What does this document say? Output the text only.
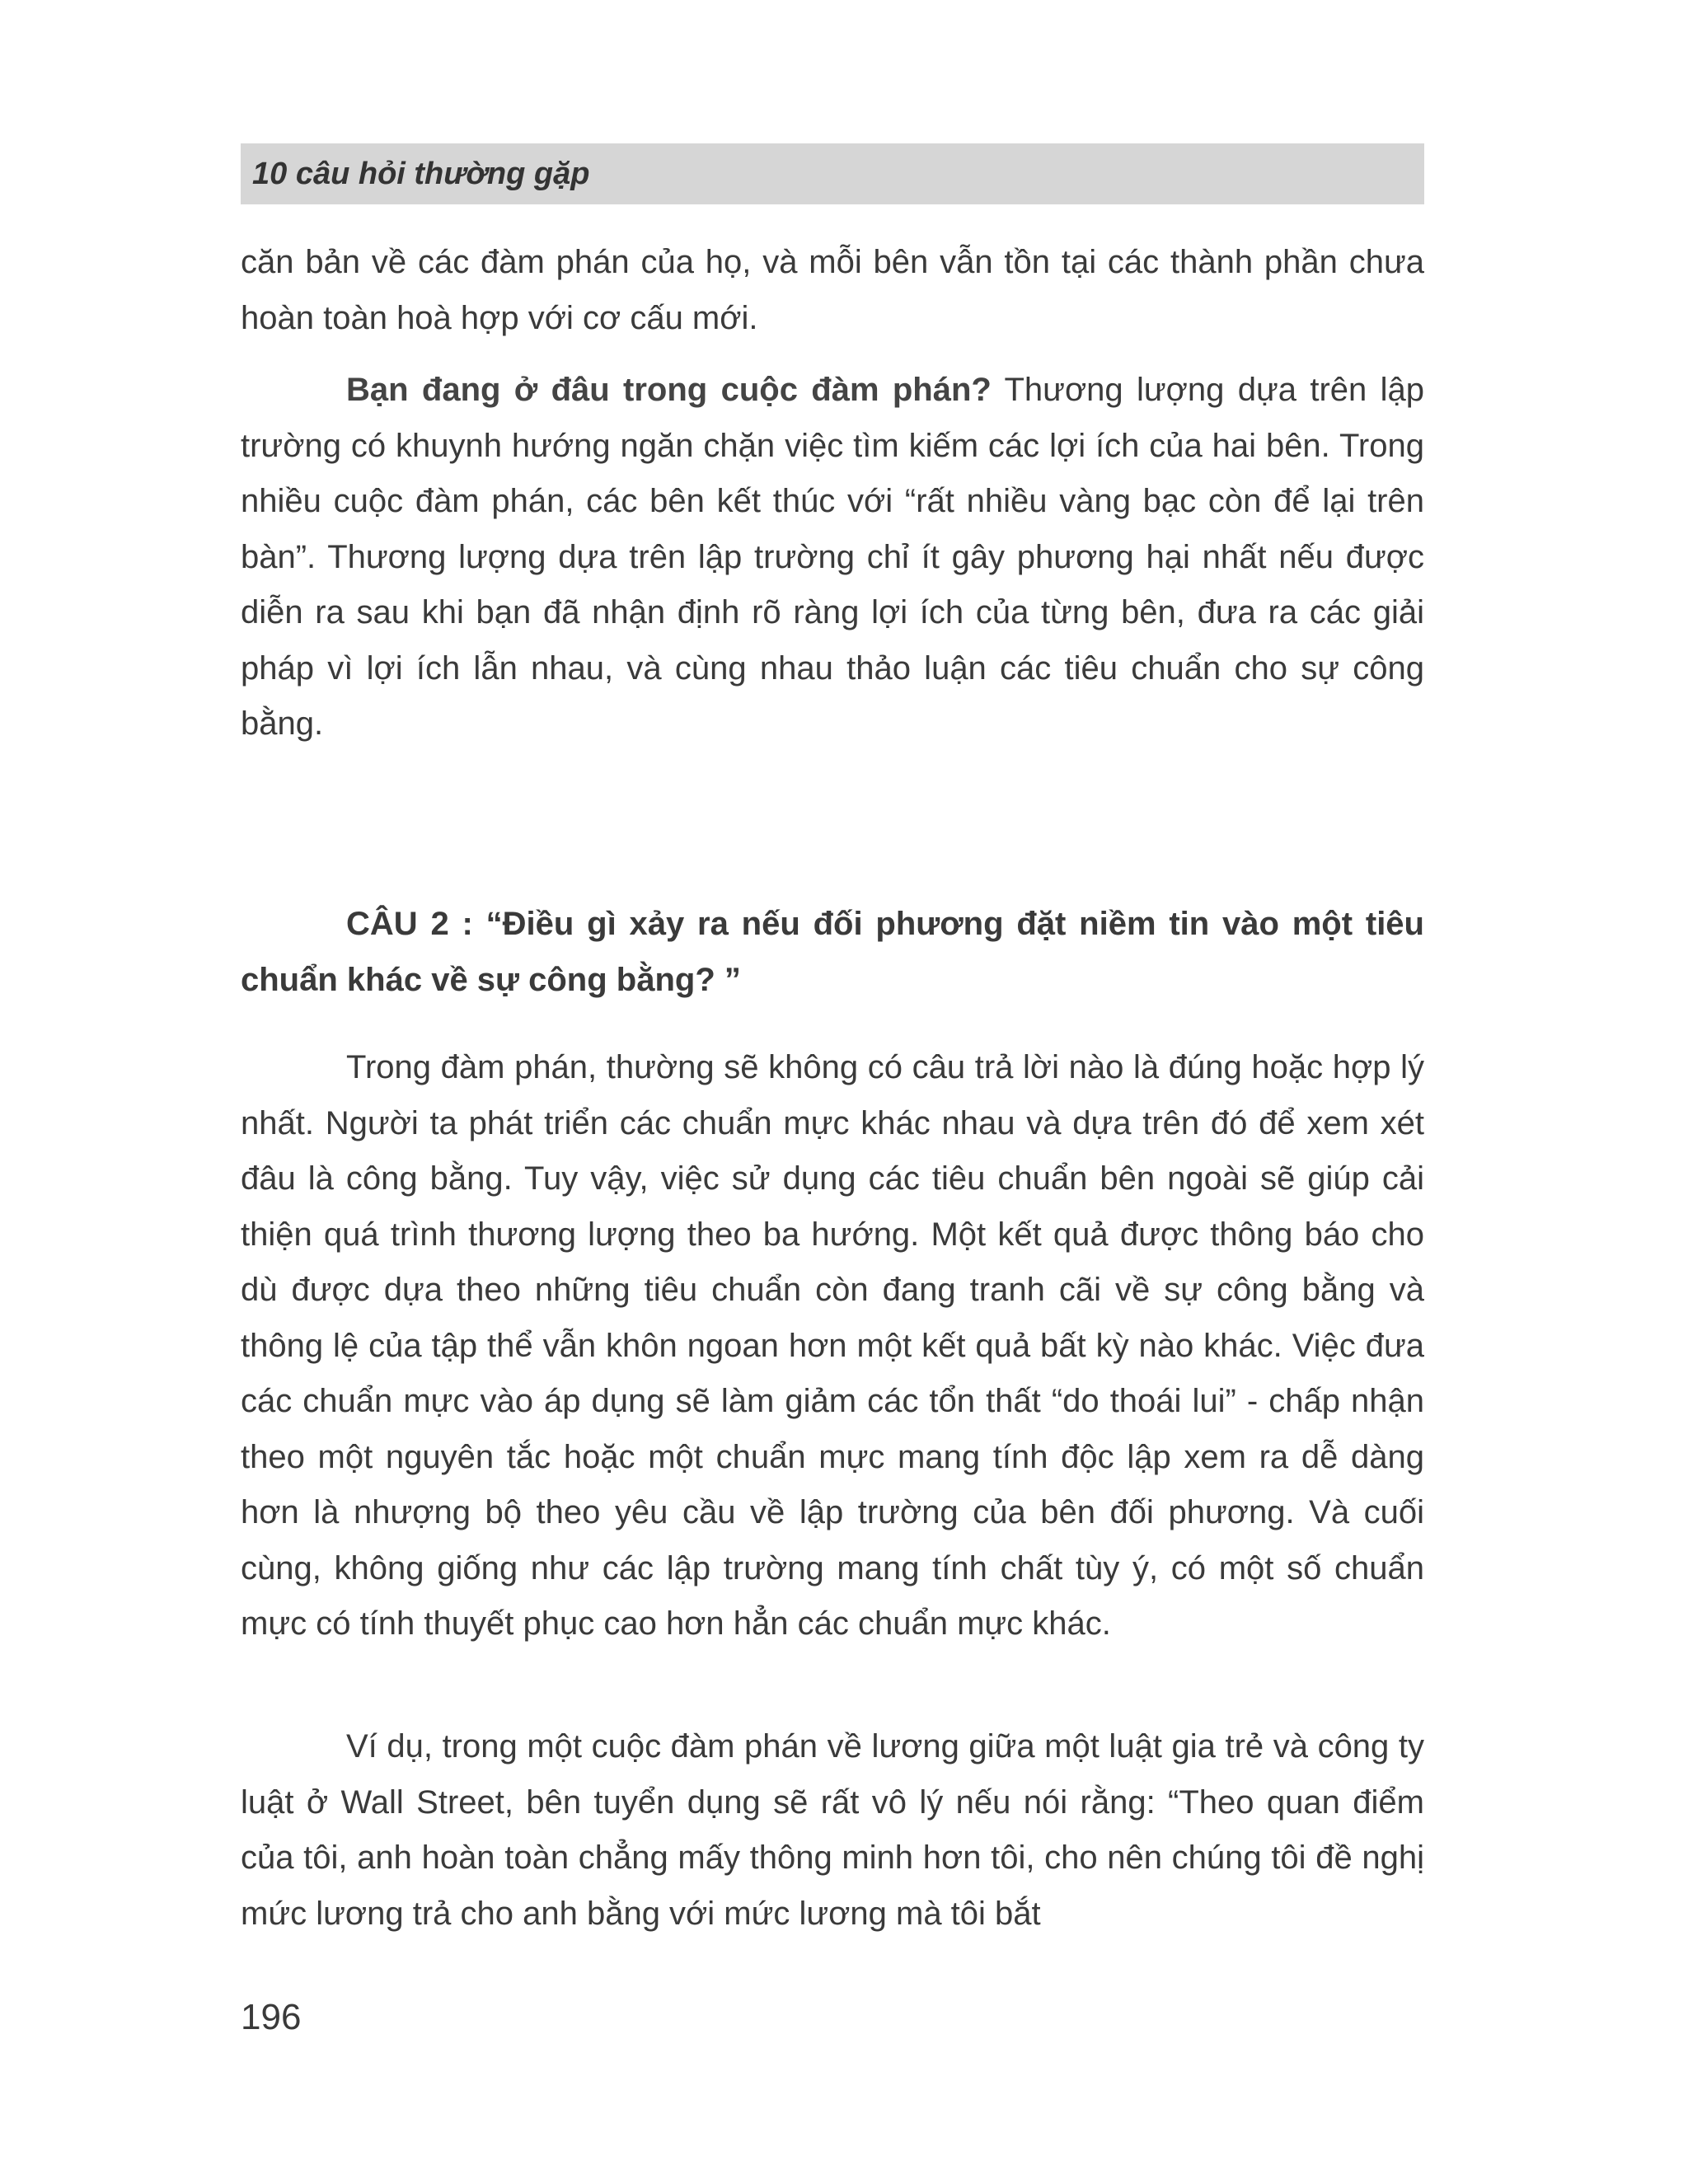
10 câu hỏi thường gặp

căn bản về các đàm phán của họ, và mỗi bên vẫn tồn tại các thành phần chưa hoàn toàn hoà hợp với cơ cấu mới.

Bạn đang ở đâu trong cuộc đàm phán? Thương lượng dựa trên lập trường có khuynh hướng ngăn chặn việc tìm kiếm các lợi ích của hai bên. Trong nhiều cuộc đàm phán, các bên kết thúc với “rất nhiều vàng bạc còn để lại trên bàn”. Thương lượng dựa trên lập trường chỉ ít gây phương hại nhất nếu được diễn ra sau khi bạn đã nhận định rõ ràng lợi ích của từng bên, đưa ra các giải pháp vì lợi ích lẫn nhau, và cùng nhau thảo luận các tiêu chuẩn cho sự công bằng.

CÂU 2 : “Điều gì xảy ra nếu đối phương đặt niềm tin vào một tiêu chuẩn khác về sự công bằng? ”

Trong đàm phán, thường sẽ không có câu trả lời nào là đúng hoặc hợp lý nhất. Người ta phát triển các chuẩn mực khác nhau và dựa trên đó để xem xét đâu là công bằng. Tuy vậy, việc sử dụng các tiêu chuẩn bên ngoài sẽ giúp cải thiện quá trình thương lượng theo ba hướng. Một kết quả được thông báo cho dù được dựa theo những tiêu chuẩn còn đang tranh cãi về sự công bằng và thông lệ của tập thể vẫn khôn ngoan hơn một kết quả bất kỳ nào khác. Việc đưa các chuẩn mực vào áp dụng sẽ làm giảm các tổn thất “do thoái lui” - chấp nhận theo một nguyên tắc hoặc một chuẩn mực mang tính độc lập xem ra dễ dàng hơn là nhượng bộ theo yêu cầu về lập trường của bên đối phương. Và cuối cùng, không giống như các lập trường mang tính chất tùy ý, có một số chuẩn mực có tính thuyết phục cao hơn hẳn các chuẩn mực khác.

Ví dụ, trong một cuộc đàm phán về lương giữa một luật gia trẻ và công ty luật ở Wall Street, bên tuyển dụng sẽ rất vô lý nếu nói rằng: “Theo quan điểm của tôi, anh hoàn toàn chẳng mấy thông minh hơn tôi, cho nên chúng tôi đề nghị mức lương trả cho anh bằng với mức lương mà tôi bắt

196
